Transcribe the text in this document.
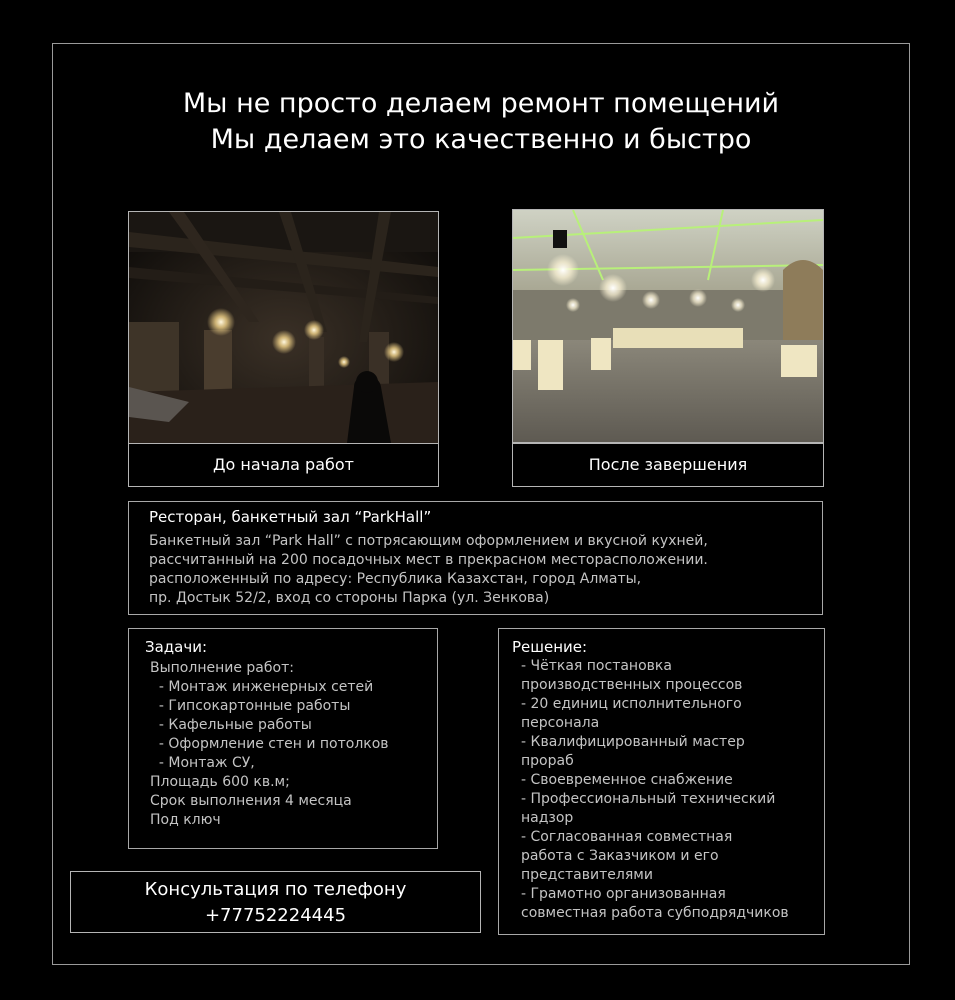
Мы не просто делаем ремонт помещений
Мы делаем это качественно и быстро
До начала работ	После завершения
Ресторан, банкетный зал “ParkHall”
Банкетный зал “Park Hall” с потрясающим оформлением и вкусной кухней,
рассчитанный на 200 посадочных мест в прекрасном месторасположении.
расположенный по адресу: Республика Казахстан, город Алматы,
пр. Достык 52/2, вход со стороны Парка (ул. Зенкова)
Задачи:
Выполнение работ:
- Монтаж инженерных сетей
- Гипсокартонные работы
- Кафельные работы
- Оформление стен и потолков
- Монтаж СУ,
Площадь 600 кв.м;
Срок выполнения 4 месяца
Под ключ
Решение:
- Чёткая постановка
производственных процессов
- 20 единиц исполнительного
персонала
- Квалифицированный мастер
прораб
- Своевременное снабжение
- Профессиональный технический
надзор
- Согласованная совместная
работа с Заказчиком и его
представителями
- Грамотно организованная
совместная работа субподрядчиков
Консультация по телефону
+77752224445
